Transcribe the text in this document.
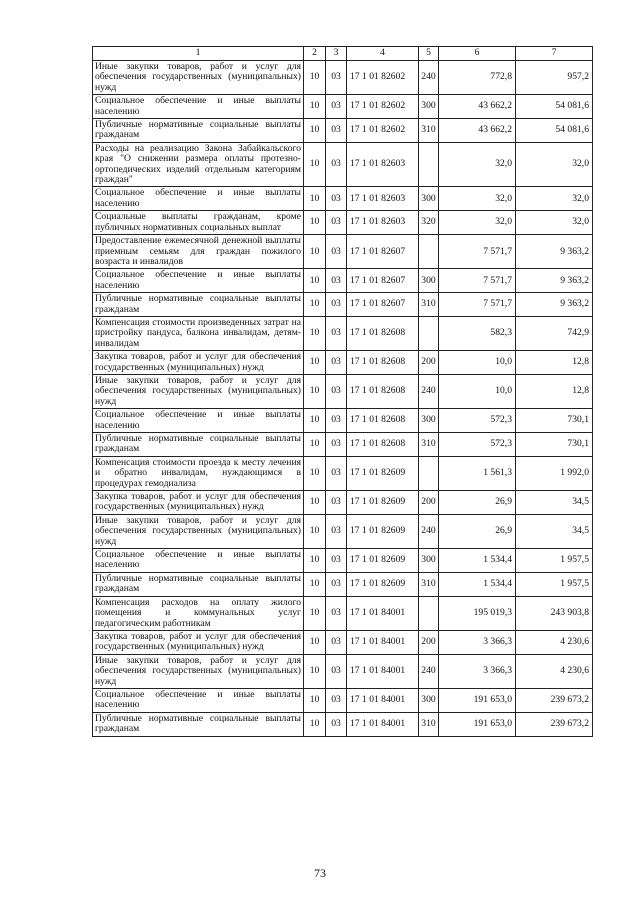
1	2	3	4	5	6	7
Иные закупки товаров, работ и услуг для обеспечения государственных (муниципальных) нужд	10	03	17 1 01 82602	240	772,8	957,2
Социальное обеспечение и иные выплаты населению	10	03	17 1 01 82602	300	43 662,2	54 081,6
Публичные нормативные социальные выплаты гражданам	10	03	17 1 01 82602	310	43 662,2	54 081,6
Расходы на реализацию Закона Забайкальского края "О снижении размера оплаты протезно-ортопедических изделий отдельным категориям граждан"	10	03	17 1 01 82603		32,0	32,0
Социальное обеспечение и иные выплаты населению	10	03	17 1 01 82603	300	32,0	32,0
Социальные выплаты гражданам, кроме публичных нормативных социальных выплат	10	03	17 1 01 82603	320	32,0	32,0
Предоставление ежемесячной денежной выплаты приемным семьям для граждан пожилого возраста и инвалидов	10	03	17 1 01 82607		7 571,7	9 363,2
Социальное обеспечение и иные выплаты населению	10	03	17 1 01 82607	300	7 571,7	9 363,2
Публичные нормативные социальные выплаты гражданам	10	03	17 1 01 82607	310	7 571,7	9 363,2
Компенсация стоимости произведенных затрат на пристройку пандуса, балкона инвалидам, детям-инвалидам	10	03	17 1 01 82608		582,3	742,9
Закупка товаров, работ и услуг для обеспечения государственных (муниципальных) нужд	10	03	17 1 01 82608	200	10,0	12,8
Иные закупки товаров, работ и услуг для обеспечения государственных (муниципальных) нужд	10	03	17 1 01 82608	240	10,0	12,8
Социальное обеспечение и иные выплаты населению	10	03	17 1 01 82608	300	572,3	730,1
Публичные нормативные социальные выплаты гражданам	10	03	17 1 01 82608	310	572,3	730,1
Компенсация стоимости проезда к месту лечения и обратно инвалидам, нуждающимся в процедурах гемодиализа	10	03	17 1 01 82609		1 561,3	1 992,0
Закупка товаров, работ и услуг для обеспечения государственных (муниципальных) нужд	10	03	17 1 01 82609	200	26,9	34,5
Иные закупки товаров, работ и услуг для обеспечения государственных (муниципальных) нужд	10	03	17 1 01 82609	240	26,9	34,5
Социальное обеспечение и иные выплаты населению	10	03	17 1 01 82609	300	1 534,4	1 957,5
Публичные нормативные социальные выплаты гражданам	10	03	17 1 01 82609	310	1 534,4	1 957,5
Компенсация расходов на оплату жилого помещения и коммунальных услуг педагогическим работникам	10	03	17 1 01 84001		195 019,3	243 903,8
Закупка товаров, работ и услуг для обеспечения государственных (муниципальных) нужд	10	03	17 1 01 84001	200	3 366,3	4 230,6
Иные закупки товаров, работ и услуг для обеспечения государственных (муниципальных) нужд	10	03	17 1 01 84001	240	3 366,3	4 230,6
Социальное обеспечение и иные выплаты населению	10	03	17 1 01 84001	300	191 653,0	239 673,2
Публичные нормативные социальные выплаты гражданам	10	03	17 1 01 84001	310	191 653,0	239 673,2
73
